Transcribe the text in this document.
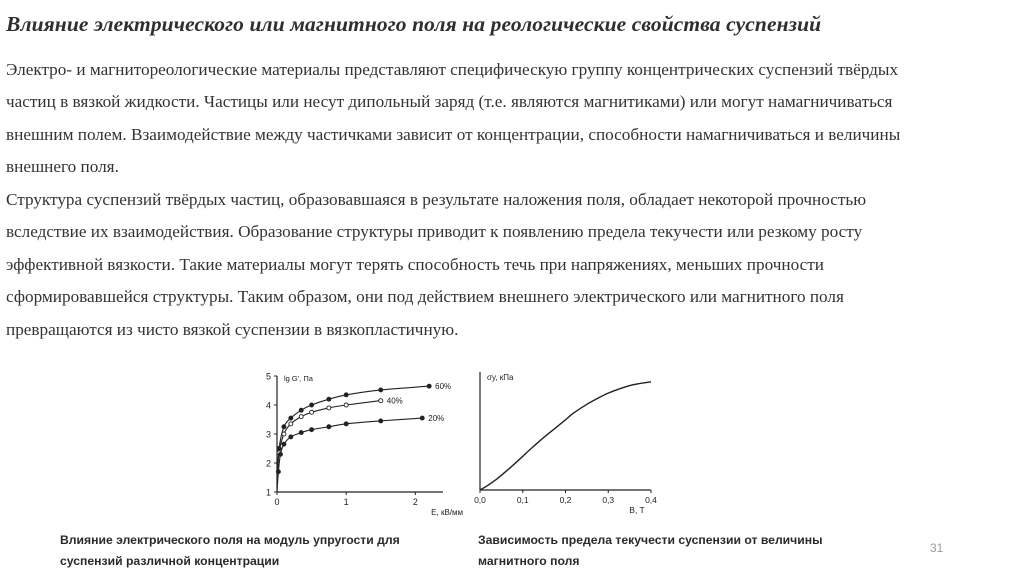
Влияние электрического или магнитного поля на реологические свойства суспензий
Электро- и магнитореологические материалы представляют специфическую группу концентрических суспензий твёрдых
частиц в вязкой жидкости. Частицы или несут дипольный заряд (т.е. являются магнитиками) или могут намагничиваться
внешним полем. Взаимодействие между частичками зависит от концентрации, способности намагничиваться и величины
внешнего поля.
Структура суспензий твёрдых частиц, образовавшаяся в результате наложения поля, обладает некоторой прочностью
вследствие их взаимодействия. Образование структуры приводит к появлению предела текучести или резкому росту
эффективной вязкости. Такие материалы могут терять способность течь при напряжениях, меньших прочности
сформировавшейся структуры. Таким образом, они под действием внешнего электрического или магнитного поля
превращаются из чисто вязкой суспензии в вязкопластичную.
1
2
3
4
5
0	1	2
lg G', Па
E, кВ/мм
60%
40%
20%
0,0	0,1	0,2	0,3	0,4
σy, кПа
B, T
Влияние электрического поля на модуль упругости для
суспензий различной концентрации
Зависимость предела текучести суспензии от величины
магнитного поля
31
